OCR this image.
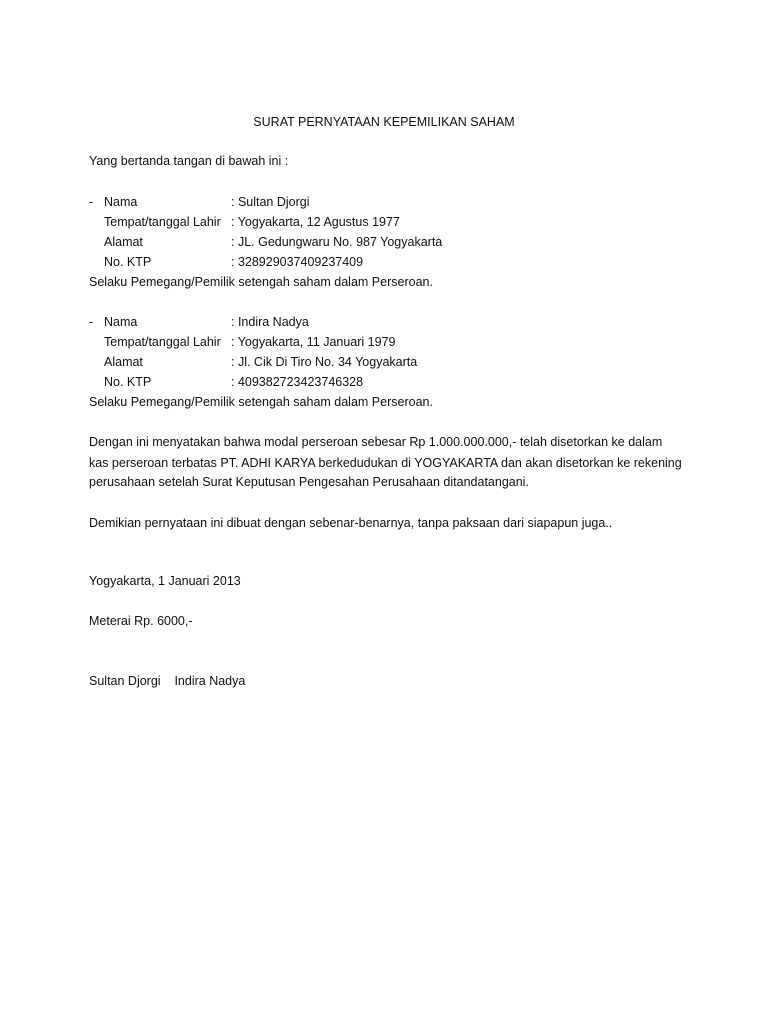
SURAT PERNYATAAN KEPEMILIKAN SAHAM
Yang bertanda tangan di bawah ini :
- Nama	: Sultan Djorgi
Tempat/tanggal Lahir : Yogyakarta, 12 Agustus 1977
Alamat	: JL. Gedungwaru No. 987 Yogyakarta
No. KTP	: 328929037409237409
Selaku Pemegang/Pemilik setengah saham dalam Perseroan.
- Nama	: Indira Nadya
Tempat/tanggal Lahir : Yogyakarta, 11 Januari 1979
Alamat	: Jl. Cik Di Tiro No. 34 Yogyakarta
No. KTP	: 409382723423746328
Selaku Pemegang/Pemilik setengah saham dalam Perseroan.
Dengan ini menyatakan bahwa modal perseroan sebesar Rp 1.000.000.000,- telah disetorkan ke dalam
kas perseroan terbatas PT. ADHI KARYA berkedudukan di YOGYAKARTA dan akan disetorkan ke rekening
perusahaan setelah Surat Keputusan Pengesahan Perusahaan ditandatangani.
Demikian pernyataan ini dibuat dengan sebenar-benarnya, tanpa paksaan dari siapapun juga..
Yogyakarta, 1 Januari 2013
Meterai Rp. 6000,-
Sultan Djorgi    Indira Nadya
